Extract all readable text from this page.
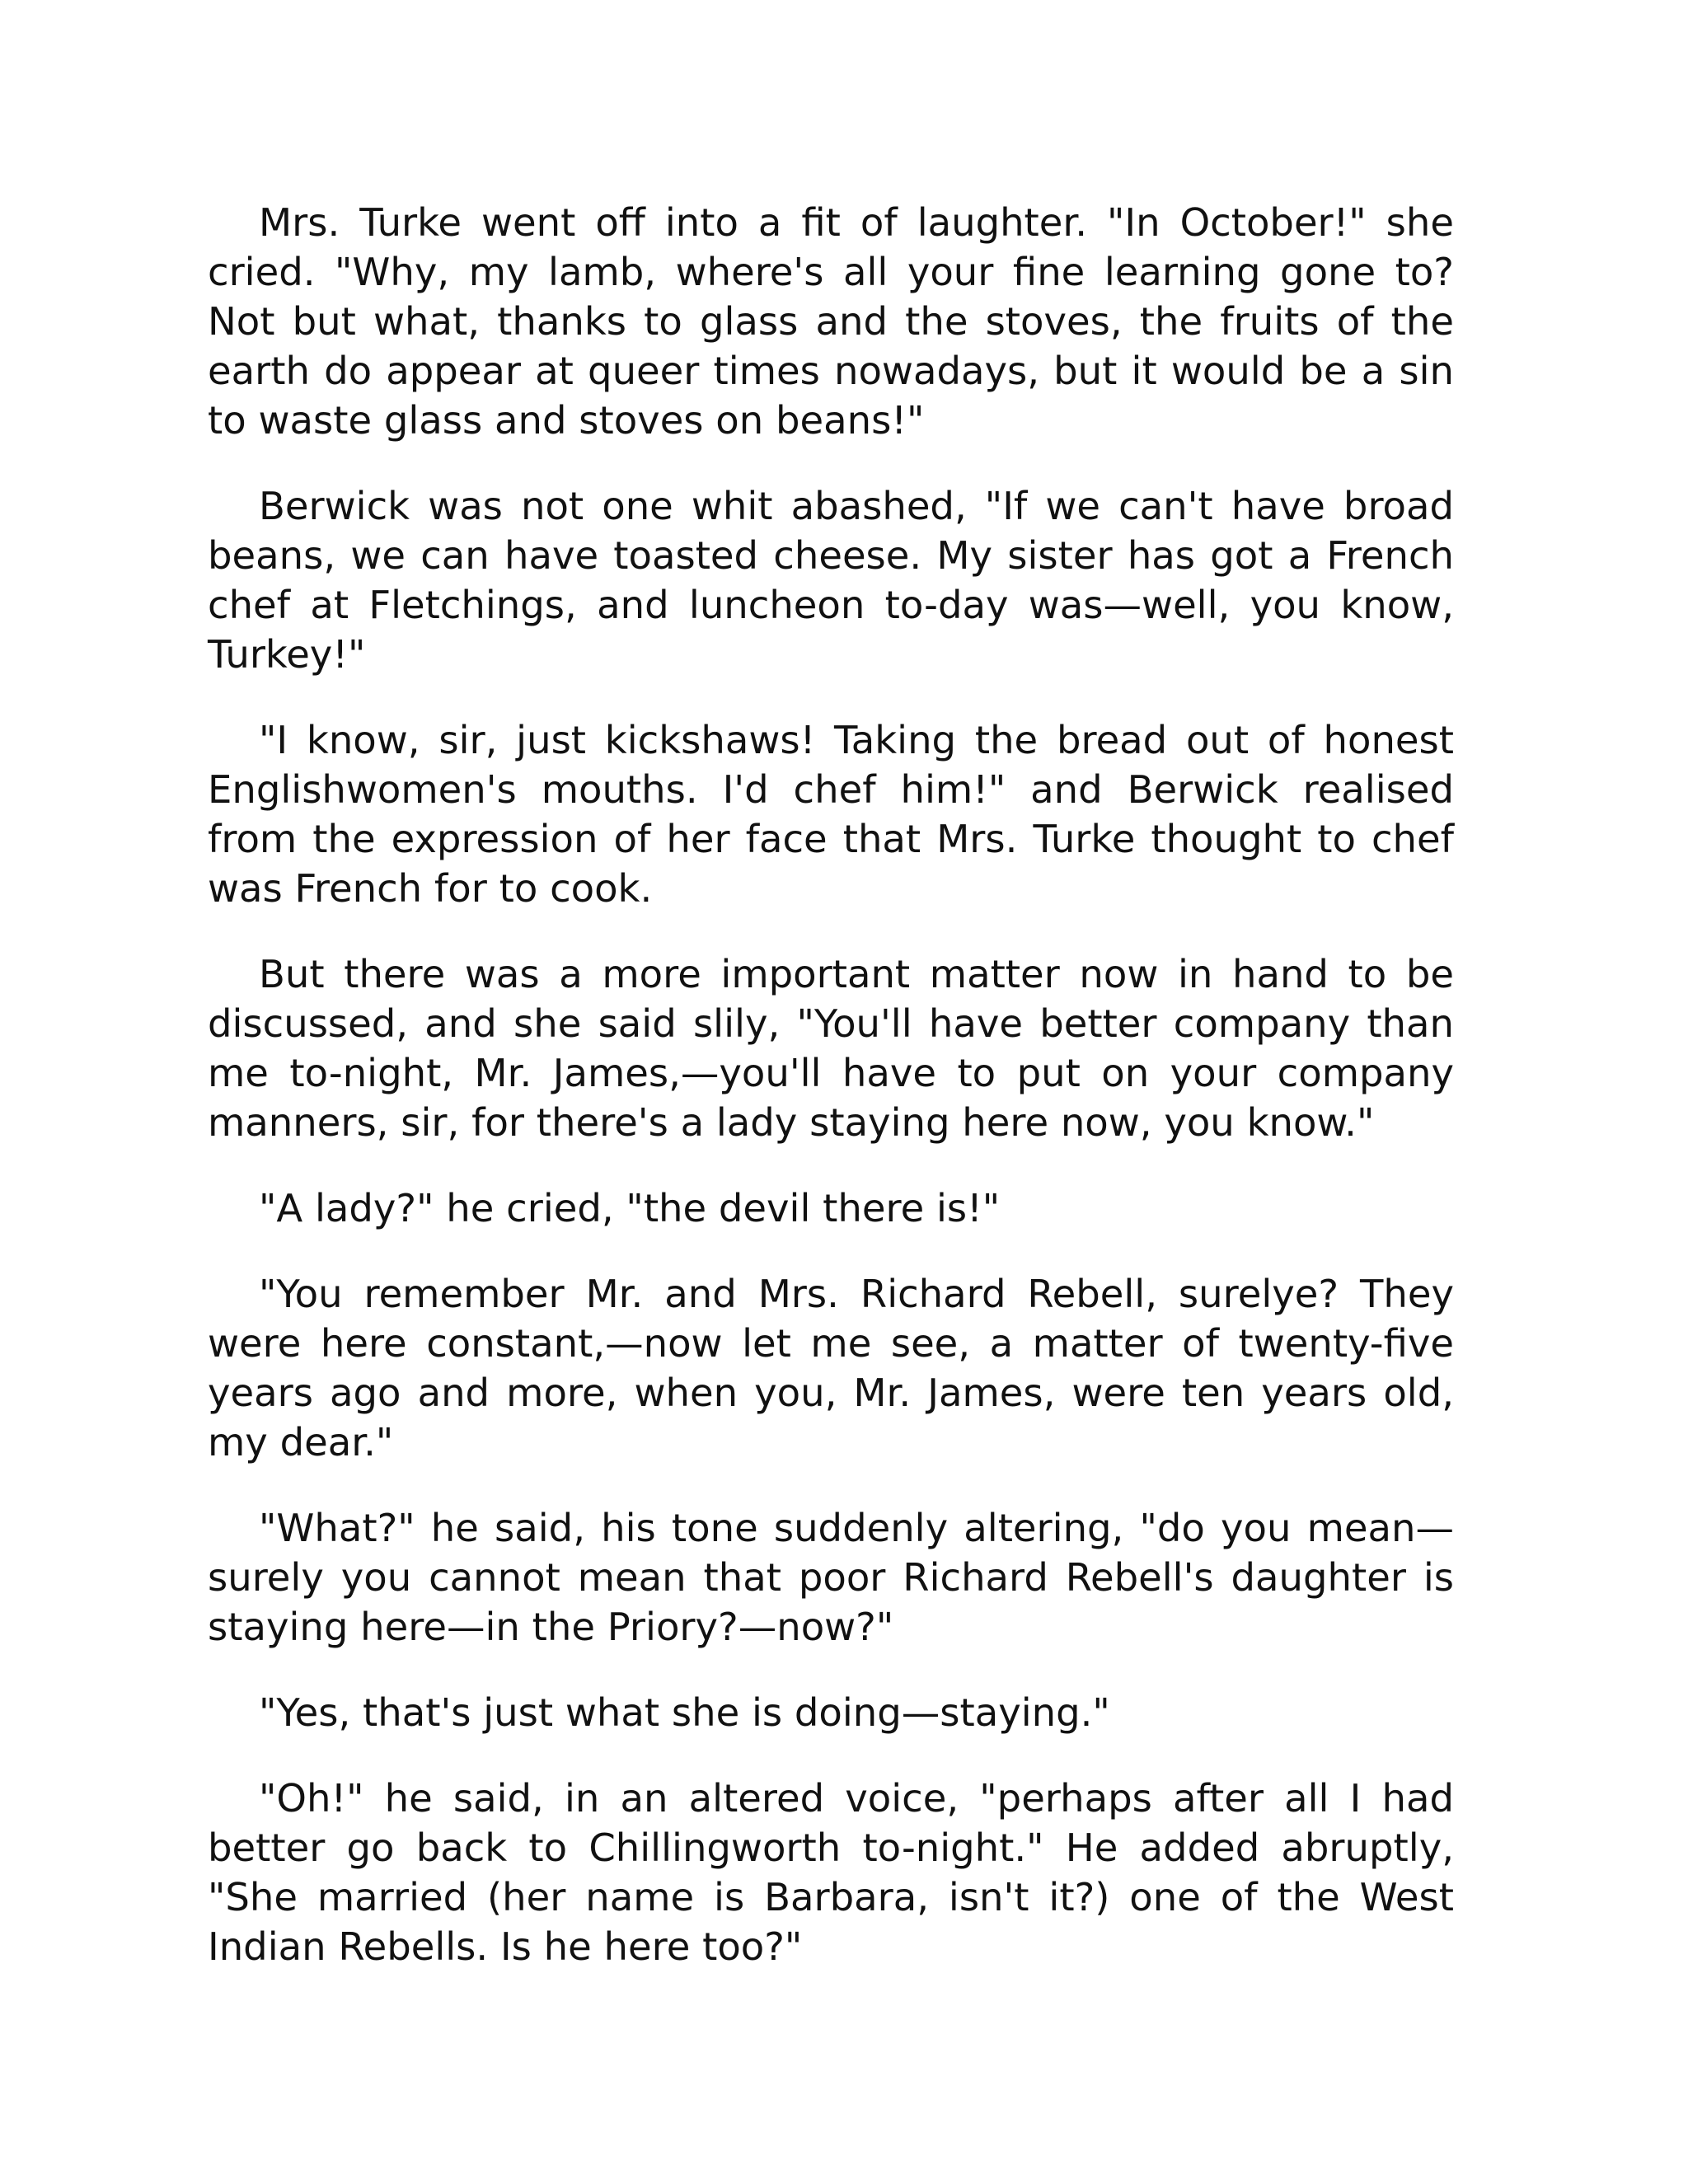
Mrs. Turke went off into a fit of laughter. "In October!" she cried. "Why, my lamb, where's all your fine learning gone to? Not but what, thanks to glass and the stoves, the fruits of the earth do appear at queer times nowadays, but it would be a sin to waste glass and stoves on beans!"

Berwick was not one whit abashed, "If we can't have broad beans, we can have toasted cheese. My sister has got a French chef at Fletchings, and luncheon to-day was—well, you know, Turkey!"

"I know, sir, just kickshaws! Taking the bread out of honest Englishwomen's mouths. I'd chef him!" and Berwick realised from the expression of her face that Mrs. Turke thought to chef was French for to cook.

But there was a more important matter now in hand to be discussed, and she said slily, "You'll have better company than me to-night, Mr. James,—you'll have to put on your company manners, sir, for there's a lady staying here now, you know."

"A lady?" he cried, "the devil there is!"

"You remember Mr. and Mrs. Richard Rebell, surelye? They were here constant,—now let me see, a matter of twenty-five years ago and more, when you, Mr. James, were ten years old, my dear."

"What?" he said, his tone suddenly altering, "do you mean— surely you cannot mean that poor Richard Rebell's daughter is staying here—in the Priory?—now?"

"Yes, that's just what she is doing—staying."

"Oh!" he said, in an altered voice, "perhaps after all I had better go back to Chillingworth to-night." He added abruptly, "She married (her name is Barbara, isn't it?) one of the West Indian Rebells. Is he here too?"
